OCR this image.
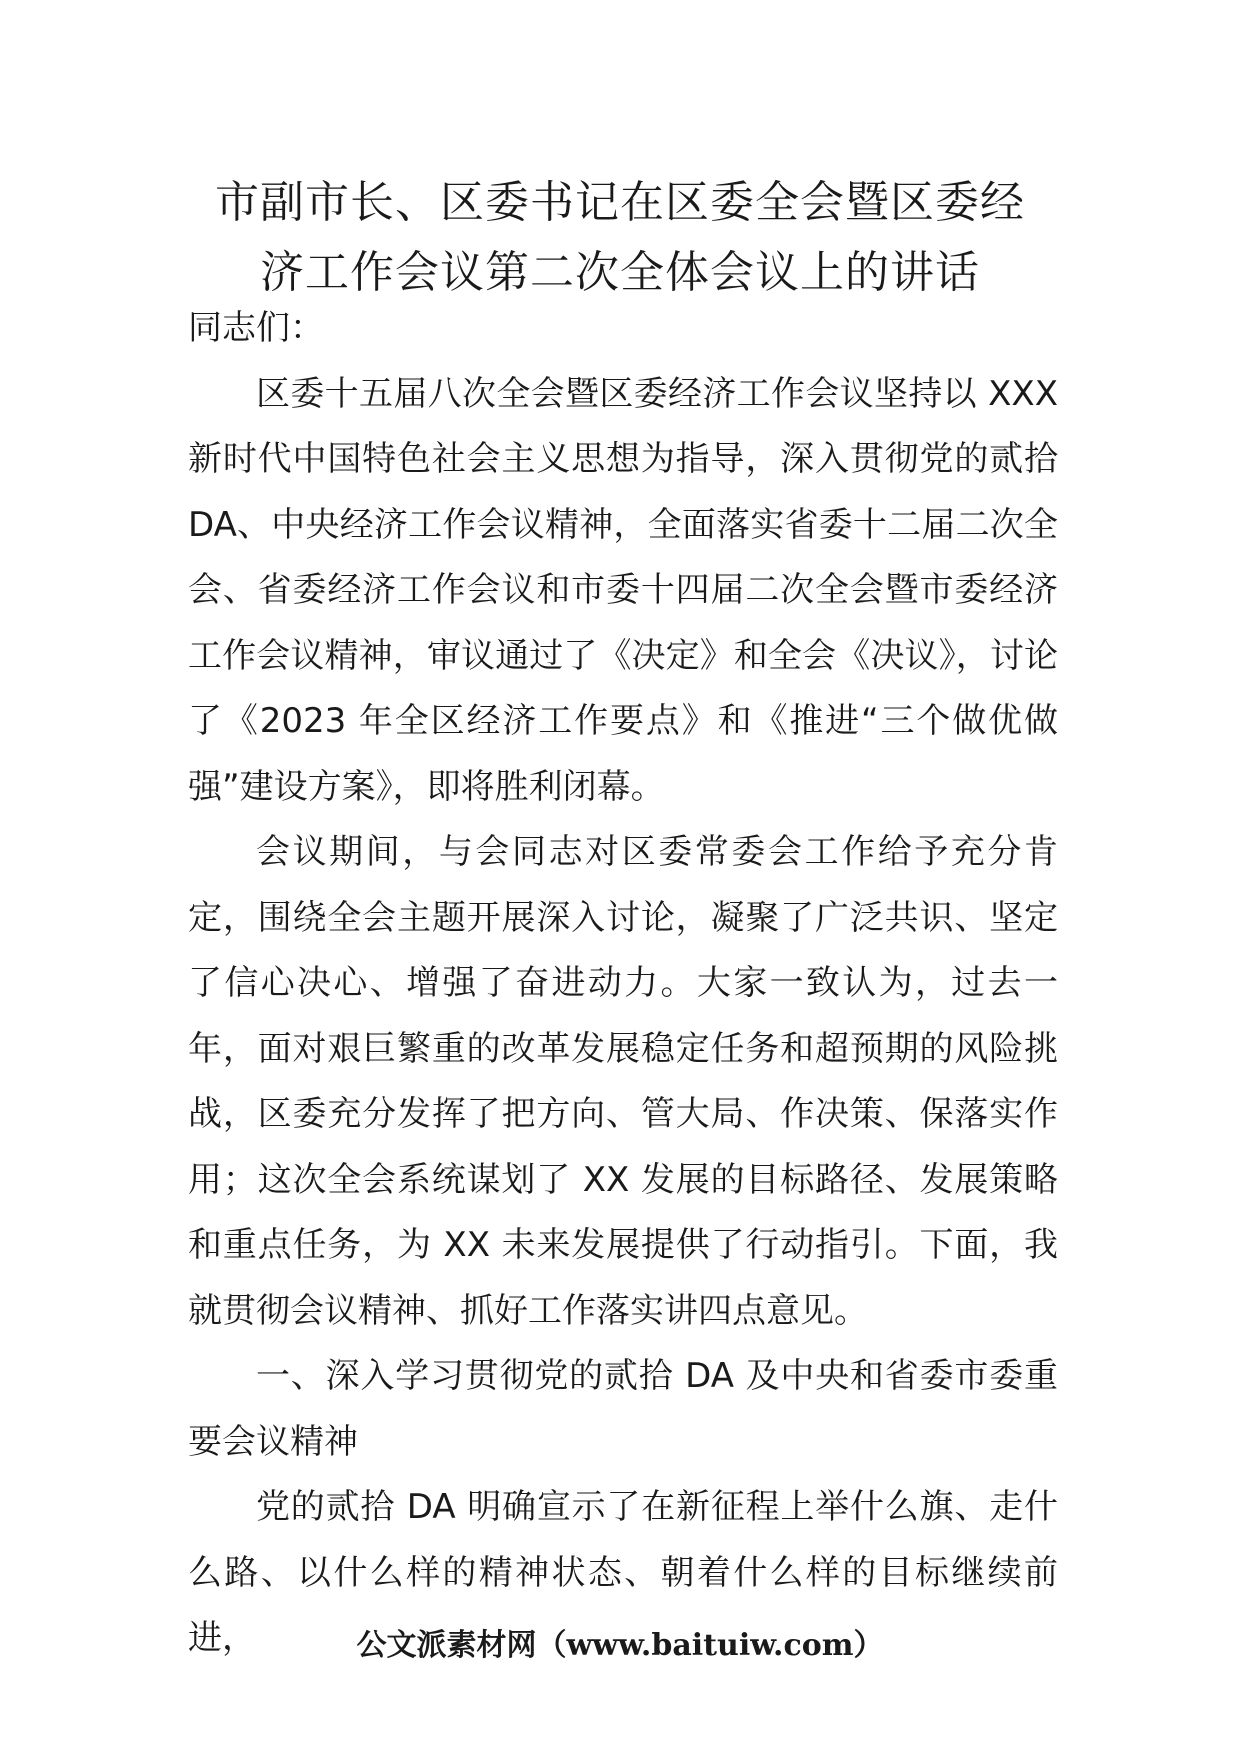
市副市长、区委书记在区委全会暨区委经
济工作会议第二次全体会议上的讲话

同志们：

区委十五届八次全会暨区委经济工作会议坚持以 XXX 新时代中国特色社会主义思想为指导，深入贯彻党的贰拾 DA、中央经济工作会议精神，全面落实省委十二届二次全会、省委经济工作会议和市委十四届二次全会暨市委经济工作会议精神，审议通过了《决定》和全会《决议》，讨论了《2023 年全区经济工作要点》和《推进“三个做优做强”建设方案》，即将胜利闭幕。

会议期间，与会同志对区委常委会工作给予充分肯定，围绕全会主题开展深入讨论，凝聚了广泛共识、坚定了信心决心、增强了奋进动力。大家一致认为，过去一年，面对艰巨繁重的改革发展稳定任务和超预期的风险挑战，区委充分发挥了把方向、管大局、作决策、保落实作用；这次全会系统谋划了 XX 发展的目标路径、发展策略和重点任务，为 XX 未来发展提供了行动指引。下面，我就贯彻会议精神、抓好工作落实讲四点意见。

一、深入学习贯彻党的贰拾 DA 及中央和省委市委重要会议精神

党的贰拾 DA 明确宣示了在新征程上举什么旗、走什么路、以什么样的精神状态、朝着什么样的目标继续前进，	公文派素材网（www.baituiw.com）
